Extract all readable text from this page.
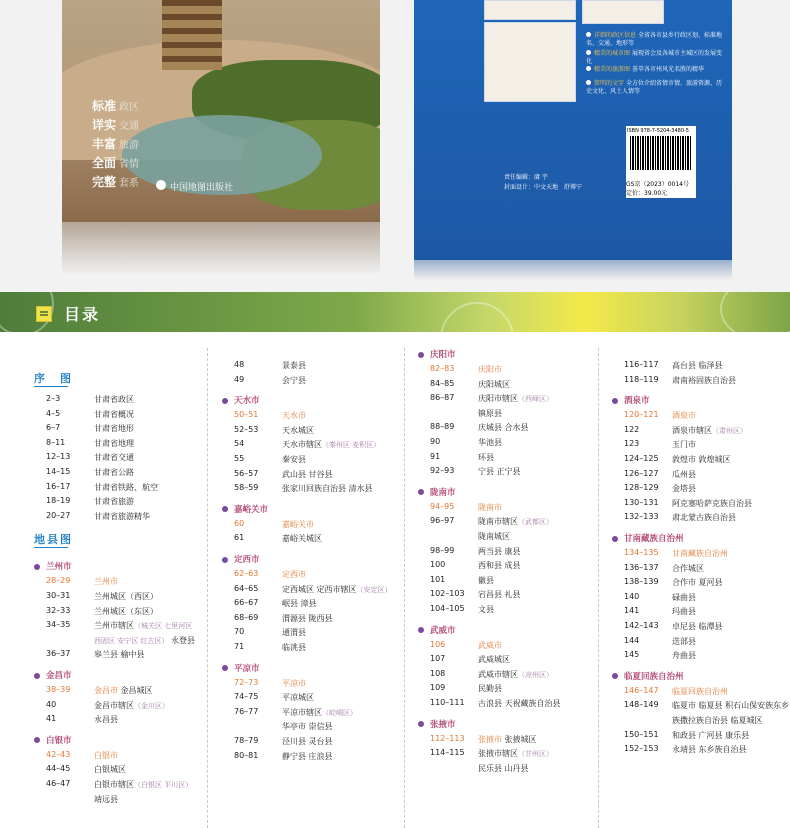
标准 政区
详实 交通
丰富 旅游
全面 省情
完整 套系	中国地图出版社
详细的政区信息 全省各市县乡行政区划、标准地名、交通、地形等
精美的城市图 展现省会及各城市主城区的发展变化
精美的旅游图 荟萃各市州风光名胜的精华
简明的文字 全方位介绍省情市情、旅游资源、历史文化、风土人情等
ISBN 978-7-5204-3480-5
GS京（2023）0014号
定价：39.00元
责任编辑：赓 宇
封面设计：中文天地　舒博宁
目录
序　图
2–3	甘肃省政区
4–5	甘肃省概况
6–7	甘肃省地形
8–11	甘肃省地理
12–13	甘肃省交通
14–15	甘肃省公路
16–17	甘肃省铁路、航空
18–19	甘肃省旅游
20–27	甘肃省旅游精华
地县图
兰州市
28–29	兰州市
30–31	兰州城区（西区）
32–33	兰州城区（东区）
34–35	兰州市辖区（城关区 七里河区
西固区 安宁区 红古区） 永登县
36–37	皋兰县 榆中县
金昌市
38–39	金昌市 金昌城区
40	金昌市辖区（金川区）
41	永昌县
白银市
42–43	白银市
44–45	白银城区
46–47	白银市辖区（白银区 平川区）
靖远县
48	景泰县
49	会宁县
天水市
50–51	天水市
52–53	天水城区
54	天水市辖区（秦州区 麦积区）
55	秦安县
56–57	武山县 甘谷县
58–59	张家川回族自治县 清水县
嘉峪关市
60	嘉峪关市
61	嘉峪关城区
定西市
62–63	定西市
64–65	定西城区 定西市辖区（安定区）
66–67	岷县 漳县
68–69	渭源县 陇西县
70	通渭县
71	临洮县
平凉市
72–73	平凉市
74–75	平凉城区
76–77	平凉市辖区（崆峒区）
华亭市 崇信县
78–79	泾川县 灵台县
80–81	静宁县 庄浪县
庆阳市
82–83	庆阳市
84–85	庆阳城区
86–87	庆阳市辖区（西峰区）
镇原县
88–89	庆城县 合水县
90	华池县
91	环县
92–93	宁县 正宁县
陇南市
94–95	陇南市
96–97	陇南市辖区（武都区）
陇南城区
98–99	两当县 康县
100	西和县 成县
101	徽县
102–103	宕昌县 礼县
104–105	文县
武威市
106	武威市
107	武威城区
108	武威市辖区（凉州区）
109	民勤县
110–111	古浪县 天祝藏族自治县
张掖市
112–113	张掖市 张掖城区
114–115	张掖市辖区（甘州区）
民乐县 山丹县
116–117	高台县 临泽县
118–119	肃南裕固族自治县
酒泉市
120–121	酒泉市
122	酒泉市辖区（肃州区）
123	玉门市
124–125	敦煌市 敦煌城区
126–127	瓜州县
128–129	金塔县
130–131	阿克塞哈萨克族自治县
132–133	肃北蒙古族自治县
甘南藏族自治州
134–135	甘南藏族自治州
136–137	合作城区
138–139	合作市 夏河县
140	碌曲县
141	玛曲县
142–143	卓尼县 临潭县
144	迭部县
145	舟曲县
临夏回族自治州
146–147	临夏回族自治州
148–149	临夏市 临夏县 积石山保安族东乡
族撒拉族自治县 临夏城区
150–151	和政县 广河县 康乐县
152–153	永靖县 东乡族自治县
